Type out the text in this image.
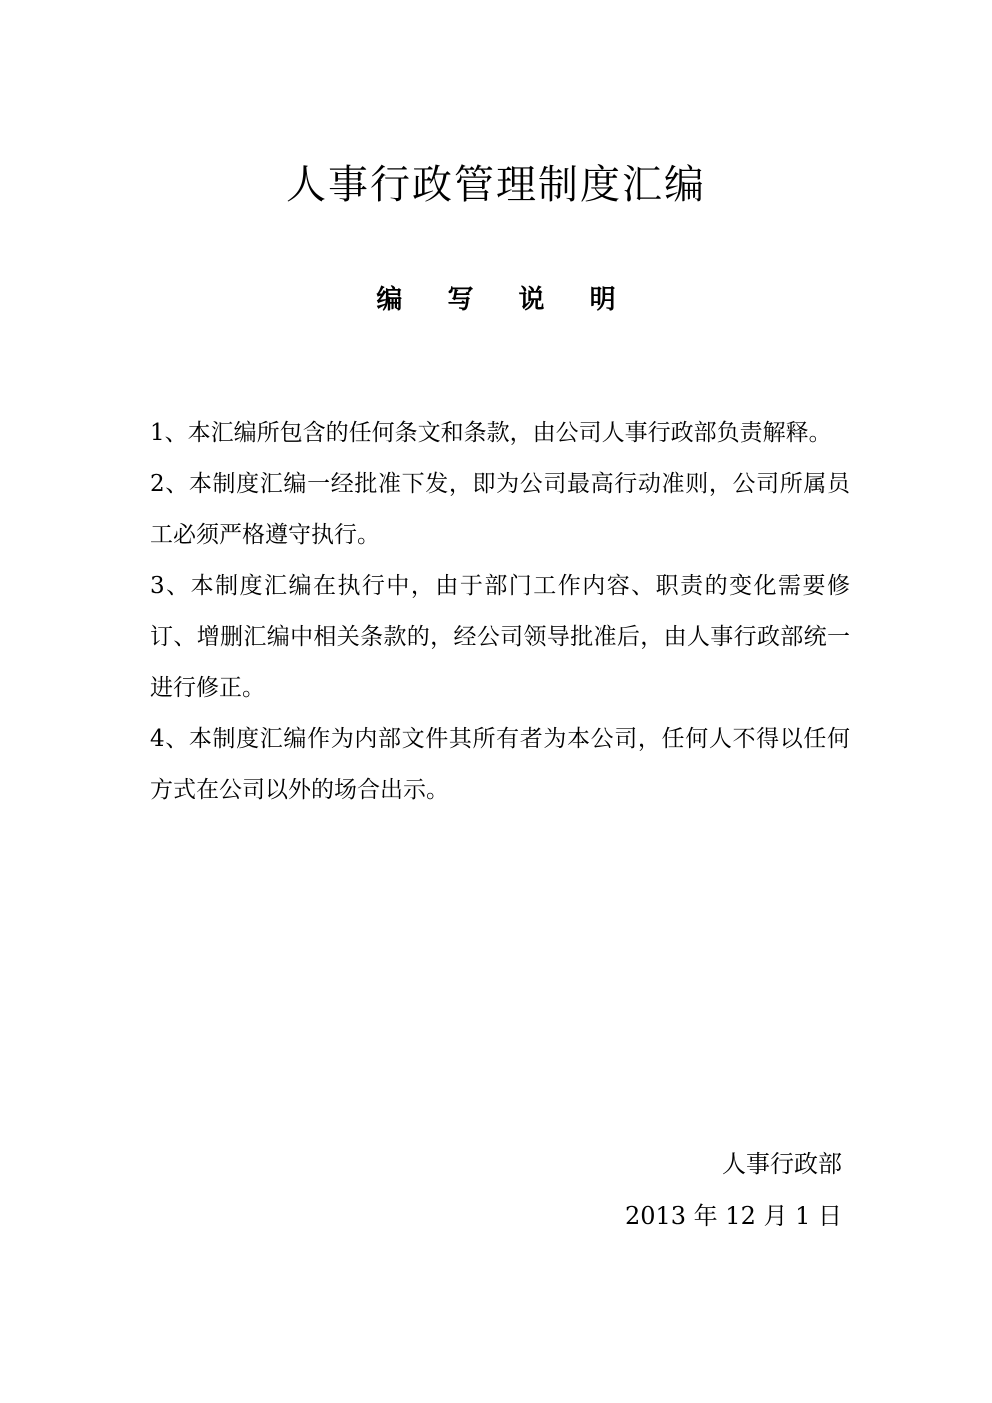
人事行政管理制度汇编
编 写 说 明
1、本汇编所包含的任何条文和条款，由公司人事行政部负责解释。
2、本制度汇编一经批准下发，即为公司最高行动准则，公司所属员工必须严格遵守执行。
3、本制度汇编在执行中，由于部门工作内容、职责的变化需要修订、增删汇编中相关条款的，经公司领导批准后，由人事行政部统一进行修正。
4、本制度汇编作为内部文件其所有者为本公司，任何人不得以任何方式在公司以外的场合出示。
人事行政部
2013 年 12 月 1 日
